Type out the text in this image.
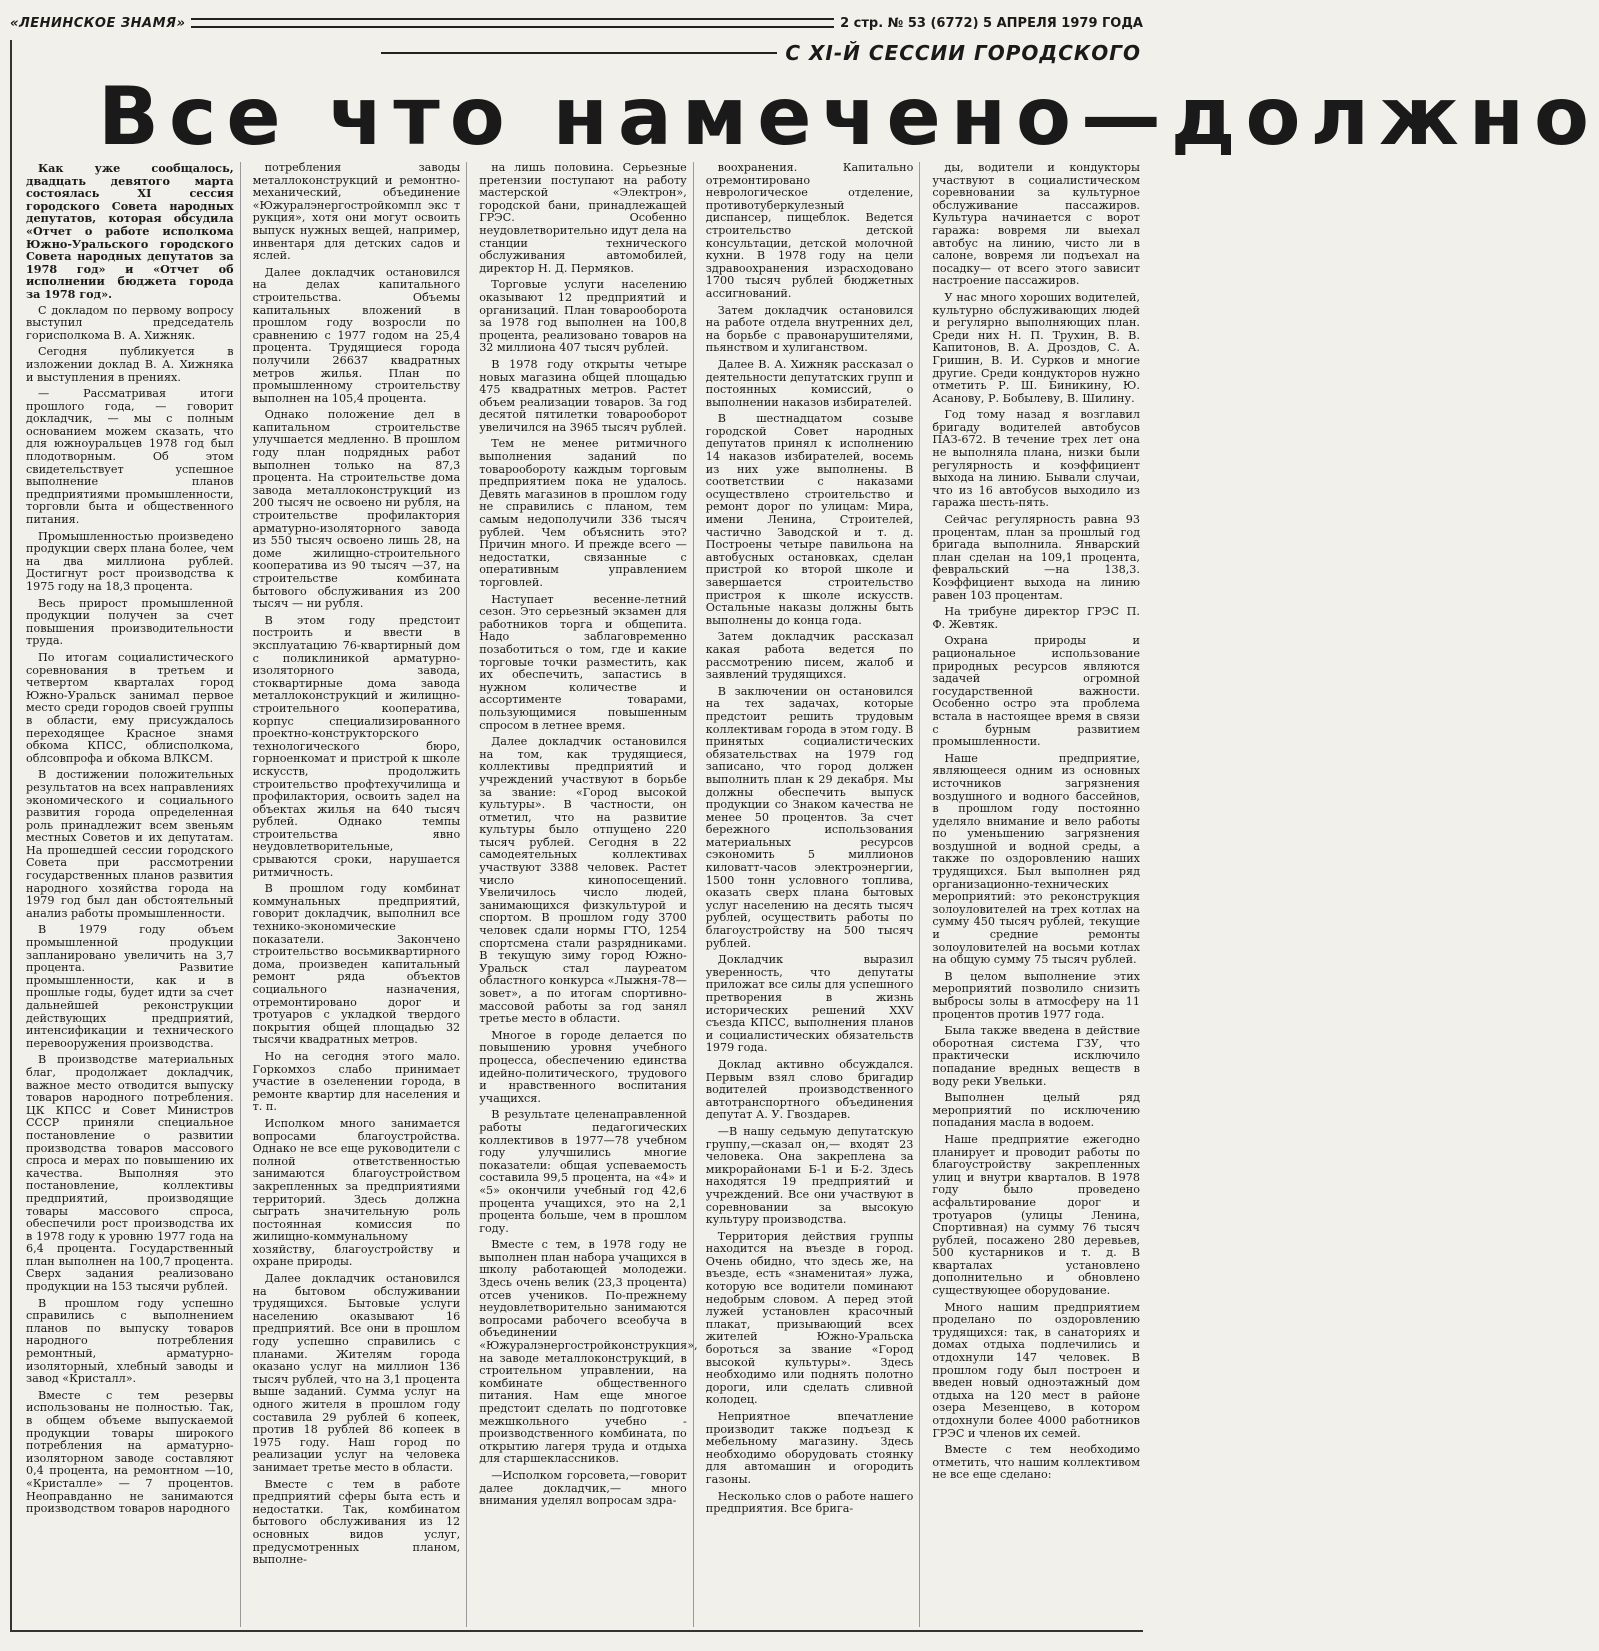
«ЛЕНИНСКОЕ ЗНАМЯ»	2 стр. № 53 (6772) 5 АПРЕЛЯ 1979 ГОДА
С XI-Й СЕССИИ ГОРОДСКОГО
Все что намечено—должно

Как уже сообщалось, двадцать девятого марта состоялась XI сессия городского Совета народных депутатов, которая обсудила «Отчет о работе исполкома Южно-Уральского городского Совета народных депутатов за 1978 год» и «Отчет об исполнении бюджета города за 1978 год».

С докладом по первому вопросу выступил председатель горисполкома В. А. Хижняк.

Сегодня публикуется в изложении доклад В. А. Хижняка и выступления в прениях.

— Рассматривая итоги прошлого года, — говорит докладчик, — мы с полным основанием можем сказать, что для южноуральцев 1978 год был плодотворным. Об этом свидетельствует успешное выполнение планов предприятиями промышленности, торговли быта и общественного питания.

Промышленностью произведено продукции сверх плана более, чем на два миллиона рублей. Достигнут рост производства к 1975 году на 18,3 процента.

Весь прирост промышленной продукции получен за счет повышения производительности труда.

По итогам социалистического соревнования в третьем и четвертом кварталах город Южно-Уральск занимал первое место среди городов своей группы в области, ему присуждалось переходящее Красное знамя обкома КПСС, облисполкома, облсовпрофа и обкома ВЛКСМ.

В достижении положительных результатов на всех направлениях экономического и социального развития города определенная роль принадлежит всем звеньям местных Советов и их депутатам. На прошедшей сессии городского Совета при рассмотрении государственных планов развития народного хозяйства города на 1979 год был дан обстоятельный анализ работы промышленности.

В 1979 году объем промышленной продукции запланировано увеличить на 3,7 процента. Развитие промышленности, как и в прошлые годы, будет идти за счет дальнейшей реконструкции действующих предприятий, интенсификации и технического перевооружения производства.

В производстве материальных благ, продолжает докладчик, важное место отводится выпуску товаров народного потребления. ЦК КПСС и Совет Министров СССР приняли специальное постановление о развитии производства товаров массового спроса и мерах по повышению их качества. Выполняя это постановление, коллективы предприятий, производящие товары массового спроса, обеспечили рост производства их в 1978 году к уровню 1977 года на 6,4 процента. Государственный план выполнен на 100,7 процента. Сверх задания реализовано продукции на 153 тысячи рублей.

В прошлом году успешно справились с выполнением планов по выпуску товаров народного потребления ремонтный, арматурно-изоляторный, хлебный заводы и завод «Кристалл».

Вместе с тем резервы использованы не полностью. Так, в общем объеме выпускаемой продукции товары широкого потребления на арматурно-изоляторном заводе составляют 0,4 процента, на ремонтном —10, «Кристалле» — 7 процентов. Неоправданно не занимаются производством товаров народного

потребления заводы металлоконструкций и ремонтно-механический, объединение «Южуралэнергостройкомпл экс т рукция», хотя они могут освоить выпуск нужных вещей, например, инвентаря для детских садов и яслей.

Далее докладчик остановился на делах капитального строительства. Объемы капитальных вложений в прошлом году возросли по сравнению с 1977 годом на 25,4 процента. Трудящиеся города получили 26637 квадратных метров жилья. План по промышленному строительству выполнен на 105,4 процента.

Однако положение дел в капитальном строительстве улучшается медленно. В прошлом году план подрядных работ выполнен только на 87,3 процента. На строительстве дома завода металлоконструкций из 200 тысяч не освоено ни рубля, на строительстве профилактория арматурно-изоляторного завода из 550 тысяч освоено лишь 28, на доме жилищно-строительного кооператива из 90 тысяч —37, на строительстве комбината бытового обслуживания из 200 тысяч — ни рубля.

В этом году предстоит построить и ввести в эксплуатацию 76-квартирный дом с поликлиникой арматурно-изоляторного завода, стоквартирные дома завода металлоконструкций и жилищно-строительного кооператива, корпус специализированного проектно-конструкторского технологического бюро, горноенкомат и пристрой к школе искусств, продолжить строительство профтехучилища и профилактория, освоить задел на объектах жилья на 640 тысяч рублей. Однако темпы строительства явно неудовлетворительные, срываются сроки, нарушается ритмичность.

В прошлом году комбинат коммунальных предприятий, говорит докладчик, выполнил все технико-экономические показатели. Закончено строительство восьмиквартирного дома, произведен капитальный ремонт ряда объектов социального назначения, отремонтировано дорог и тротуаров с укладкой твердого покрытия общей площадью 32 тысячи квадратных метров.

Но на сегодня этого мало. Горкомхоз слабо принимает участие в озеленении города, в ремонте квартир для населения и т. п.

Исполком много занимается вопросами благоустройства. Однако не все еще руководители с полной ответственностью занимаются благоустройством закрепленных за предприятиями территорий. Здесь должна сыграть значительную роль постоянная комиссия по жилищно-коммунальному хозяйству, благоустройству и охране природы.

Далее докладчик остановился на бытовом обслуживании трудящихся. Бытовые услуги населению оказывают 16 предприятий. Все они в прошлом году успешно справились с планами. Жителям города оказано услуг на миллион 136 тысяч рублей, что на 3,1 процента выше заданий. Сумма услуг на одного жителя в прошлом году составила 29 рублей 6 копеек, против 18 рублей 86 копеек в 1975 году. Наш город по реализации услуг на человека занимает третье место в области.

Вместе с тем в работе предприятий сферы быта есть и недостатки. Так, комбинатом бытового обслуживания из 12 основных видов услуг, предусмотренных планом, выполне-

на лишь половина. Серьезные претензии поступают на работу мастерской «Электрон», городской бани, принадлежащей ГРЭС. Особенно неудовлетворительно идут дела на станции технического обслуживания автомобилей, директор Н. Д. Пермяков.

Торговые услуги населению оказывают 12 предприятий и организаций. План товарооборота за 1978 год выполнен на 100,8 процента, реализовано товаров на 32 миллиона 407 тысяч рублей.

В 1978 году открыты четыре новых магазина общей площадью 475 квадратных метров. Растет объем реализации товаров. За год десятой пятилетки товарооборот увеличился на 3965 тысяч рублей.

Тем не менее ритмичного выполнения заданий по товарообороту каждым торговым предприятием пока не удалось. Девять магазинов в прошлом году не справились с планом, тем самым недополучили 336 тысяч рублей. Чем объяснить это? Причин много. И прежде всего —недостатки, связанные с оперативным управлением торговлей.

Наступает весенне-летний сезон. Это серьезный экзамен для работников торга и общепита. Надо заблаговременно позаботиться о том, где и какие торговые точки разместить, как их обеспечить, запастись в нужном количестве и ассортименте товарами, пользующимися повышенным спросом в летнее время.

Далее докладчик остановился на том, как трудящиеся, коллективы предприятий и учреждений участвуют в борьбе за звание: «Город высокой культуры». В частности, он отметил, что на развитие культуры было отпущено 220 тысяч рублей. Сегодня в 22 самодеятельных коллективах участвуют 3388 человек. Растет число кинопосещений. Увеличилось число людей, занимающихся физкультурой и спортом. В прошлом году 3700 человек сдали нормы ГТО, 1254 спортсмена стали разрядниками. В текущую зиму город Южно-Уральск стал лауреатом областного конкурса «Лыжня-78—зовет», а по итогам спортивно-массовой работы за год занял третье место в области.

Многое в городе делается по повышению уровня учебного процесса, обеспечению единства идейно-политического, трудового и нравственного воспитания учащихся.

В результате целенаправленной работы педагогических коллективов в 1977—78 учебном году улучшились многие показатели: общая успеваемость составила 99,5 процента, на «4» и «5» окончили учебный год 42,6 процента учащихся, это на 2,1 процента больше, чем в прошлом году.

Вместе с тем, в 1978 году не выполнен план набора учащихся в школу работающей молодежи. Здесь очень велик (23,3 процента) отсев учеников. По-прежнему неудовлетворительно занимаются вопросами рабочего всеобуча в объединении «Южуралэнергостройконструкция», на заводе металлоконструкций, в строительном управлении, на комбинате общественного питания. Нам еще многое предстоит сделать по подготовке межшкольного учебно - производственного комбината, по открытию лагеря труда и отдыха для старшеклассников.

—Исполком горсовета,—говорит далее докладчик,— много внимания уделял вопросам здра-

воохранения. Капитально отремонтировано неврологическое отделение, противотуберкулезный диспансер, пищеблок. Ведется строительство детской консультации, детской молочной кухни. В 1978 году на цели здравоохранения израсходовано 1700 тысяч рублей бюджетных ассигнований.

Затем докладчик остановился на работе отдела внутренних дел, на борьбе с правонарушителями, пьянством и хулиганством.

Далее В. А. Хижняк рассказал о деятельности депутатских групп и постоянных комиссий, о выполнении наказов избирателей.

В шестнадцатом созыве городской Совет народных депутатов принял к исполнению 14 наказов избирателей, восемь из них уже выполнены. В соответствии с наказами осуществлено строительство и ремонт дорог по улицам: Мира, имени Ленина, Строителей, частично Заводской и т. д. Построены четыре павильона на автобусных остановках, сделан пристрой ко второй школе и завершается строительство пристроя к школе искусств. Остальные наказы должны быть выполнены до конца года.

Затем докладчик рассказал какая работа ведется по рассмотрению писем, жалоб и заявлений трудящихся.

В заключении он остановился на тех задачах, которые предстоит решить трудовым коллективам города в этом году. В принятых социалистических обязательствах на 1979 год записано, что город должен выполнить план к 29 декабря. Мы должны обеспечить выпуск продукции со Знаком качества не менее 50 процентов. За счет бережного использования материальных ресурсов сэкономить 5 миллионов киловатт-часов электроэнергии, 1500 тонн условного топлива, оказать сверх плана бытовых услуг населению на десять тысяч рублей, осуществить работы по благоустройству на 500 тысяч рублей.

Докладчик выразил уверенность, что депутаты приложат все силы для успешного претворения в жизнь исторических решений XXV съезда КПСС, выполнения планов и социалистических обязательств 1979 года.

Доклад активно обсуждался. Первым взял слово бригадир водителей производственного автотранспортного объединения депутат А. У. Гвоздарев.

—В нашу седьмую депутатскую группу,—сказал он,— входят 23 человека. Она закреплена за микрорайонами Б-1 и Б-2. Здесь находятся 19 предприятий и учреждений. Все они участвуют в соревновании за высокую культуру производства.

Территория действия группы находится на въезде в город. Очень обидно, что здесь же, на въезде, есть «знаменитая» лужа, которую все водители поминают недобрым словом. А перед этой лужей установлен красочный плакат, призывающий всех жителей Южно-Уральска бороться за звание «Город высокой культуры». Здесь необходимо или поднять полотно дороги, или сделать сливной колодец.

Неприятное впечатление производит также подъезд к мебельному магазину. Здесь необходимо оборудовать стоянку для автомашин и огородить газоны.

Несколько слов о работе нашего предприятия. Все брига-

ды, водители и кондукторы участвуют в социалистическом соревновании за культурное обслуживание пассажиров. Культура начинается с ворот гаража: вовремя ли выехал автобус на линию, чисто ли в салоне, вовремя ли подъехал на посадку— от всего этого зависит настроение пассажиров.

У нас много хороших водителей, культурно обслуживающих людей и регулярно выполняющих план. Среди них Н. П. Трухин, В. В. Капитонов, В. А. Дроздов, С. А. Гришин, В. И. Сурков и многие другие. Среди кондукторов нужно отметить Р. Ш. Биникину, Ю. Асанову, Р. Бобылеву, В. Шилину.

Год тому назад я возглавил бригаду водителей автобусов ПАЗ-672. В течение трех лет она не выполняла плана, низки были регулярность и коэффициент выхода на линию. Бывали случаи, что из 16 автобусов выходило из гаража шесть-пять.

Сейчас регулярность равна 93 процентам, план за прошлый год бригада выполнила. Январский план сделан на 109,1 процента, февральский —на 138,3. Коэффициент выхода на линию равен 103 процентам.

На трибуне директор ГРЭС П. Ф. Жевтяк.

Охрана природы и рациональное использование природных ресурсов являются задачей огромной государственной важности. Особенно остро эта проблема встала в настоящее время в связи с бурным развитием промышленности.

Наше предприятие, являющееся одним из основных источников загрязнения воздушного и водного бассейнов, в прошлом году постоянно уделяло внимание и вело работы по уменьшению загрязнения воздушной и водной среды, а также по оздоровлению наших трудящихся. Был выполнен ряд организационно-технических мероприятий: это реконструкция золоуловителей на трех котлах на сумму 450 тысяч рублей, текущие и средние ремонты золоуловителей на восьми котлах на общую сумму 75 тысяч рублей.

В целом выполнение этих мероприятий позволило снизить выбросы золы в атмосферу на 11 процентов против 1977 года.

Была также введена в действие оборотная система ГЗУ, что практически исключило попадание вредных веществ в воду реки Увельки.

Выполнен целый ряд мероприятий по исключению попадания масла в водоем.

Наше предприятие ежегодно планирует и проводит работы по благоустройству закрепленных улиц и внутри кварталов. В 1978 году было проведено асфальтирование дорог и тротуаров (улицы Ленина, Спортивная) на сумму 76 тысяч рублей, посажено 280 деревьев, 500 кустарников и т. д. В кварталах установлено дополнительно и обновлено существующее оборудование.

Много нашим предприятием проделано по оздоровлению трудящихся: так, в санаториях и домах отдыха подлечились и отдохнули 147 человек. В прошлом году был построен и введен новый одноэтажный дом отдыха на 120 мест в районе озера Мезенцево, в котором отдохнули более 4000 работников ГРЭС и членов их семей.

Вместе с тем необходимо отметить, что нашим коллективом не все еще сделано:
